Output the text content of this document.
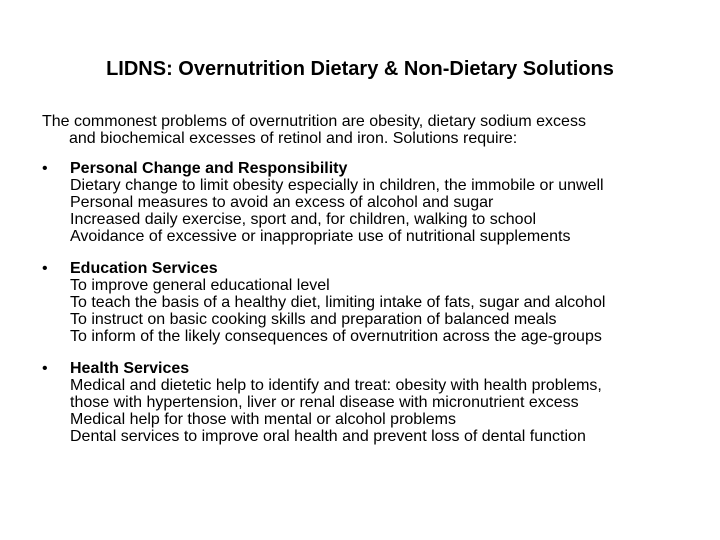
LIDNS: Overnutrition Dietary & Non-Dietary Solutions
The commonest problems of overnutrition are obesity, dietary sodium excess
and biochemical excesses of retinol and iron. Solutions require:
•	Personal Change and Responsibility
Dietary change to limit obesity especially in children, the immobile or unwell
Personal measures to avoid an excess of alcohol and sugar
Increased daily exercise, sport and, for children, walking to school
Avoidance of excessive or inappropriate use of nutritional supplements
•	Education Services
To improve general educational level
To teach the basis of a healthy diet, limiting intake of fats, sugar and alcohol
To instruct on basic cooking skills and preparation of balanced meals
To inform of the likely consequences of overnutrition across the age-groups
•	Health Services
Medical and dietetic help to identify and treat: obesity with health problems,
those with hypertension, liver or renal disease with micronutrient excess
Medical help for those with mental or alcohol problems
Dental services to improve oral health and prevent loss of dental function
